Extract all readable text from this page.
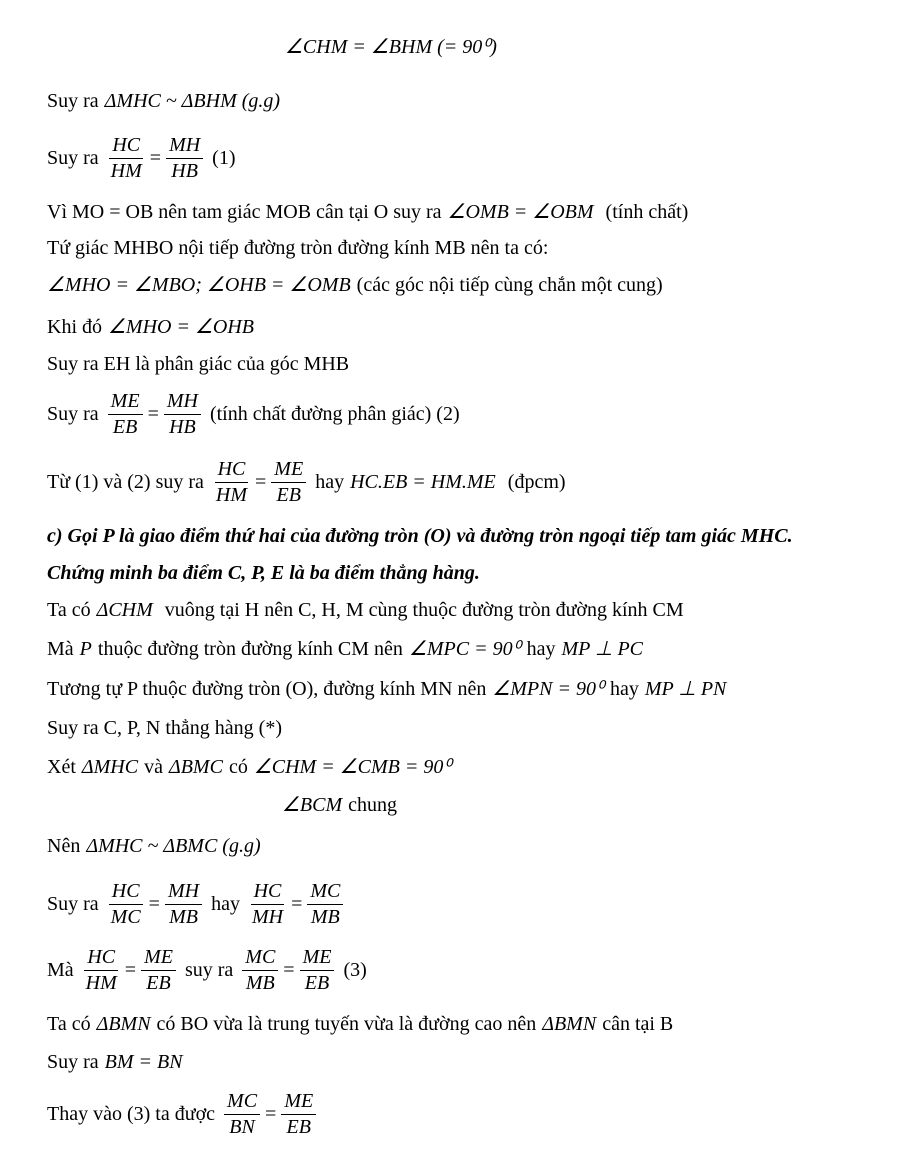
∠CHM = ∠BHM (= 90⁰)
Suy ra ΔMHC ~ ΔBHM (g.g)
Suy ra $\frac{HC}{HM} = \frac{MH}{HB} (1)$
Vì MO = OB nên tam giác MOB cân tại O suy ra ∠OMB = ∠OBM (tính chất)
Tứ giác MHBO nội tiếp đường tròn đường kính MB nên ta có:
∠MHO = ∠MBO; ∠OHB = ∠OMB (các góc nội tiếp cùng chắn một cung)
Khi đó ∠MHO = ∠OHB
Suy ra EH là phân giác của góc MHB
Suy ra $\frac{ME}{EB} = \frac{MH}{HB}$ (tính chất đường phân giác) (2)
Từ (1) và (2) suy ra $\frac{HC}{HM} = \frac{ME}{EB}$ hay HC.EB = HM.ME (đpcm)
c) Gọi P là giao điểm thứ hai của đường tròn (O) và đường tròn ngoại tiếp tam giác MHC.
Chứng minh ba điểm C, P, E là ba điểm thẳng hàng.
Ta có ΔCHM vuông tại H nên C, H, M cùng thuộc đường tròn đường kính CM
Mà P thuộc đường tròn đường kính CM nên ∠MPC = 90⁰ hay MP ⊥ PC
Tương tự P thuộc đường tròn (O), đường kính MN nên ∠MPN = 90⁰ hay MP ⊥ PN
Suy ra C, P, N thẳng hàng (*)
Xét ΔMHC và ΔBMC có ∠CHM = ∠CMB = 90⁰
∠BCM chung
Nên ΔMHC ~ ΔBMC (g.g)
Suy ra $\frac{HC}{MC} = \frac{MH}{MB}$ hay $\frac{HC}{MH} = \frac{MC}{MB}$
Mà $\frac{HC}{HM} = \frac{ME}{EB}$ suy ra $\frac{MC}{MB} = \frac{ME}{EB} (3)$
Ta có ΔBMN có BO vừa là trung tuyến vừa là đường cao nên ΔBMN cân tại B
Suy ra BM = BN
Thay vào (3) ta được $\frac{MC}{BN} = \frac{ME}{EB}$
